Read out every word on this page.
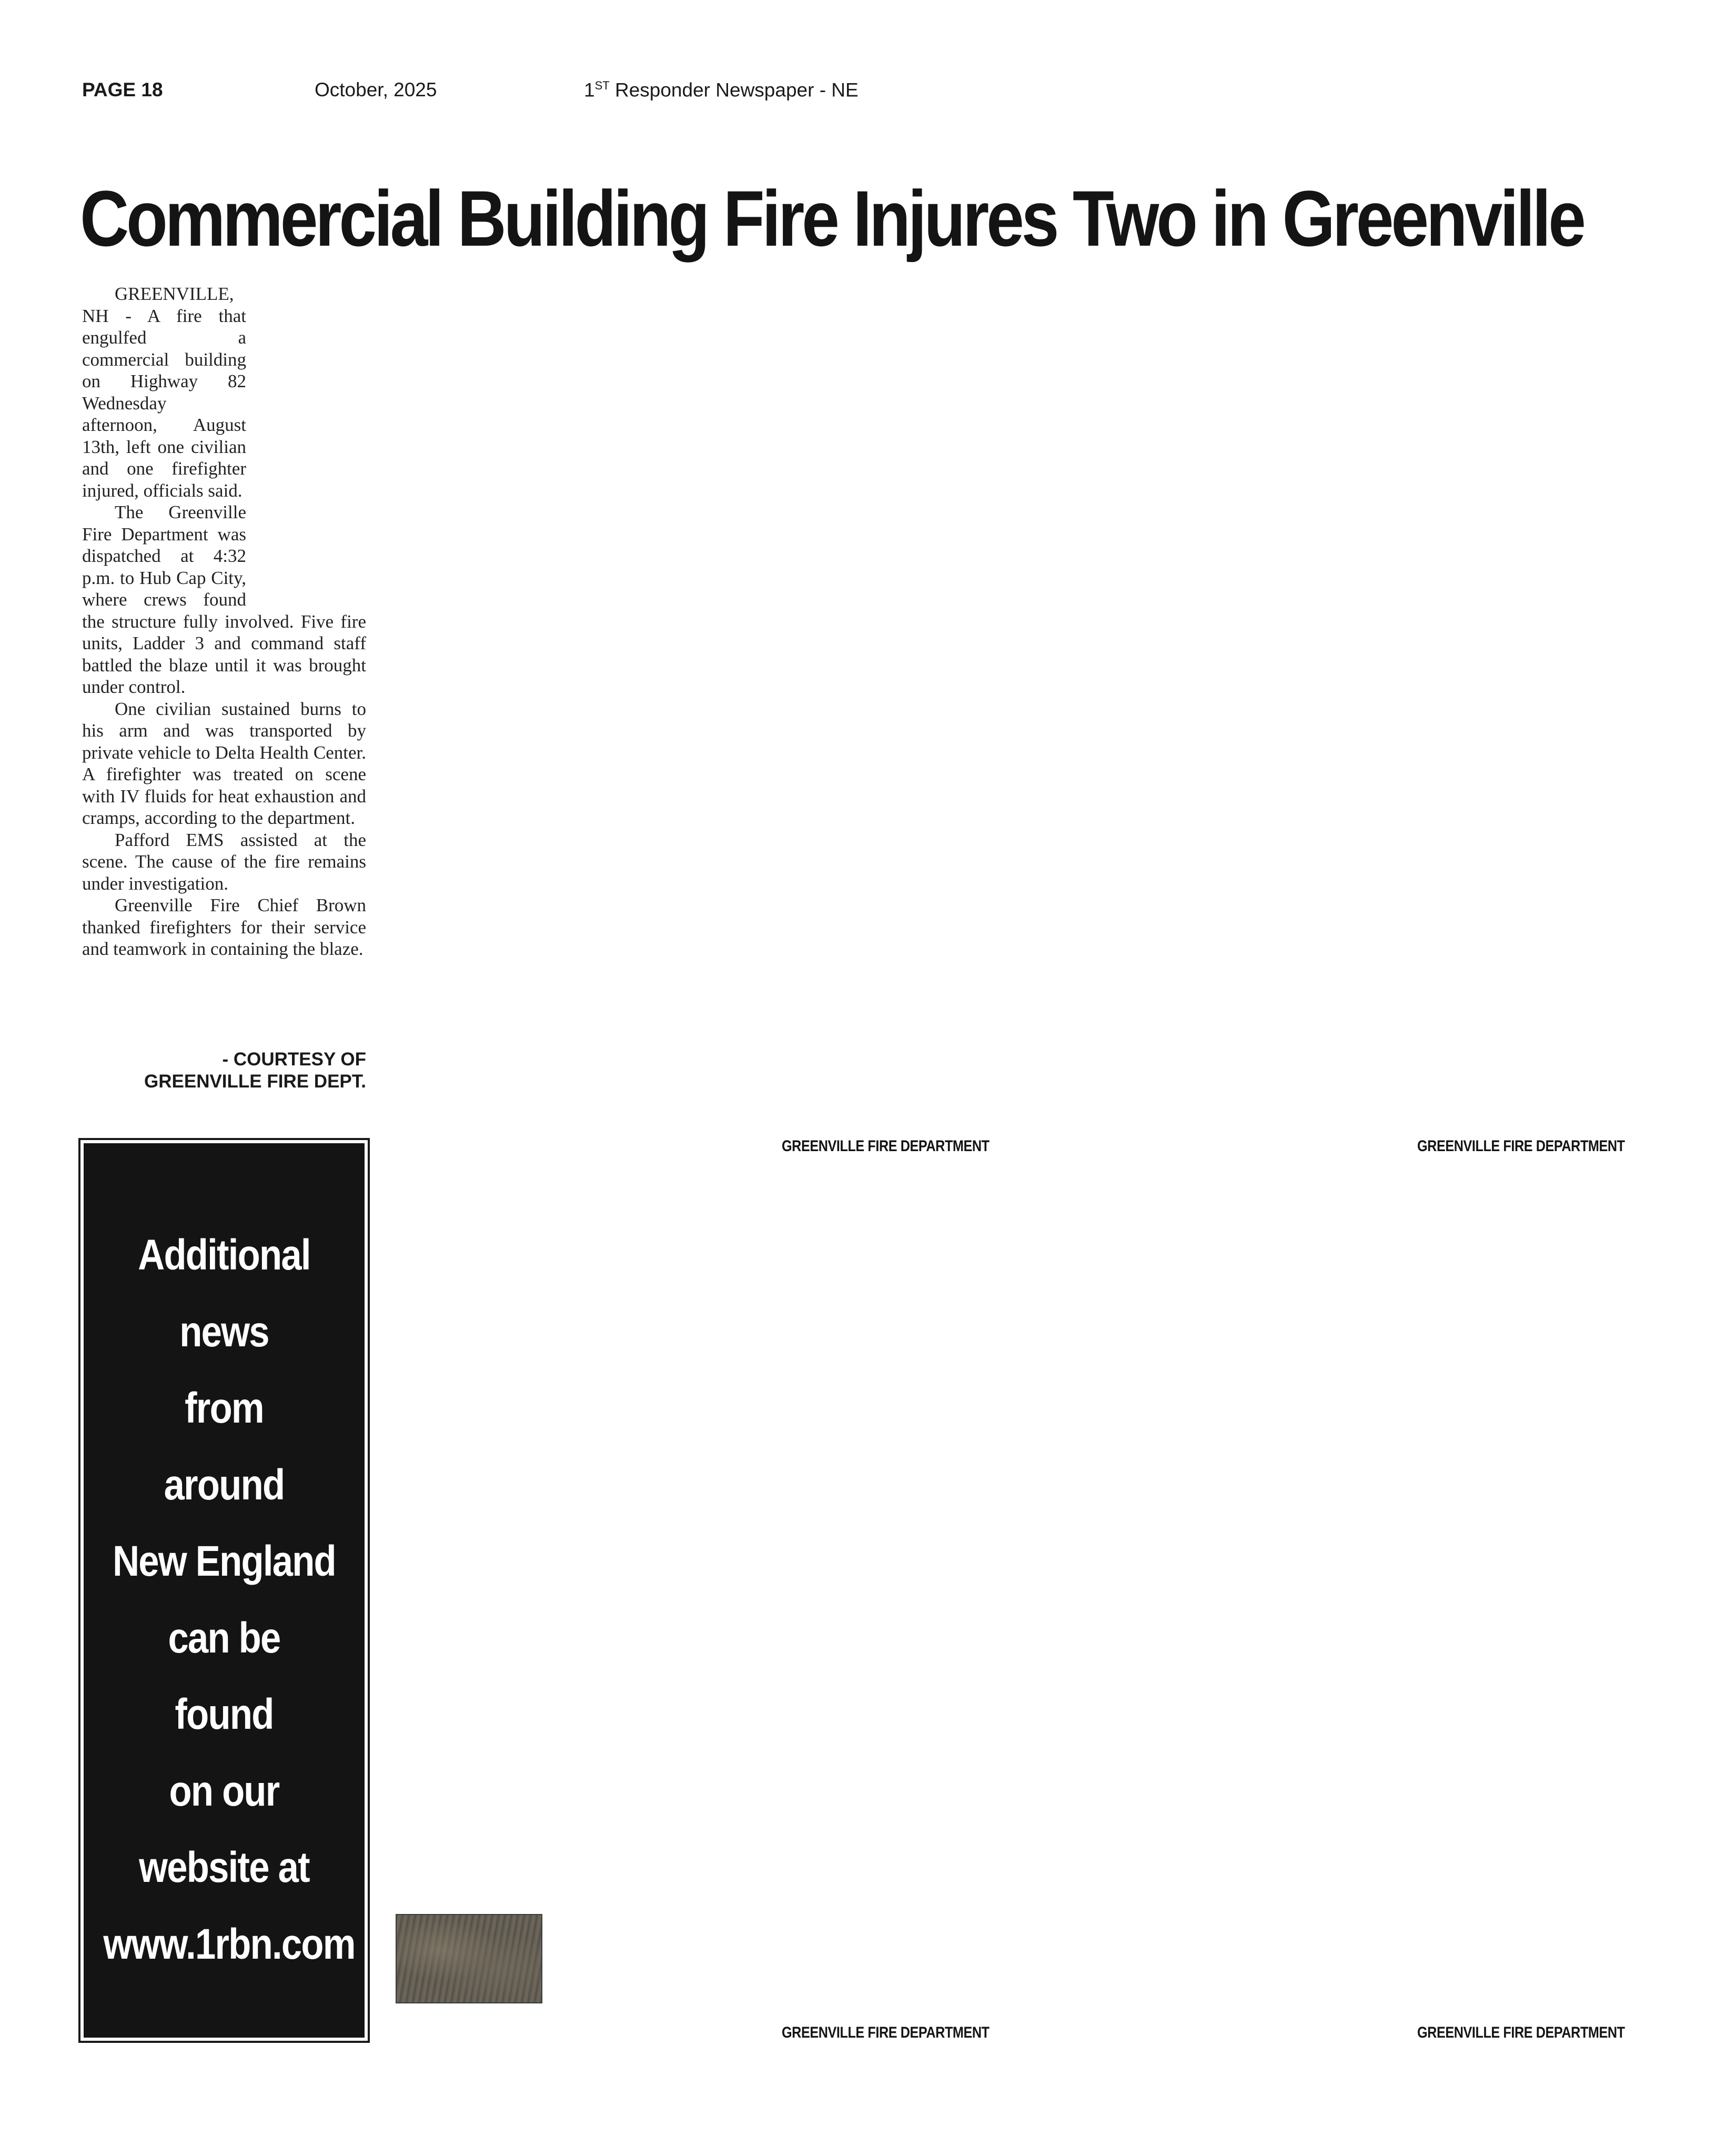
PAGE 18	October, 2025	1ST Responder Newspaper - NE
Commercial Building Fire Injures Two in Greenville

GREENVILLE, NH - A fire that engulfed a commercial building on Highway 82 Wednesday afternoon, August 13th, left one civilian and one firefighter injured, officials said.

The Greenville Fire Department was dispatched at 4:32 p.m. to Hub Cap City, where crews found the structure fully involved. Five fire units, Ladder 3 and command staff battled the blaze until it was brought under control.

One civilian sustained burns to his arm and was transported by private vehicle to Delta Health Center. A firefighter was treated on scene with IV fluids for heat exhaustion and cramps, according to the department.

Pafford EMS assisted at the scene. The cause of the fire remains under investigation.

Greenville Fire Chief Brown thanked firefighters for their service and teamwork in containing the blaze.

- COURTESY OF
GREENVILLE FIRE DEPT.
Additional
news
from
around
New England
can be
found
on our
website at
www.1rbn.com
GREENVILLE FIRE DEPARTMENT	GREENVILLE FIRE DEPARTMENT
GREENVILLE FIRE DEPARTMENT	GREENVILLE FIRE DEPARTMENT
